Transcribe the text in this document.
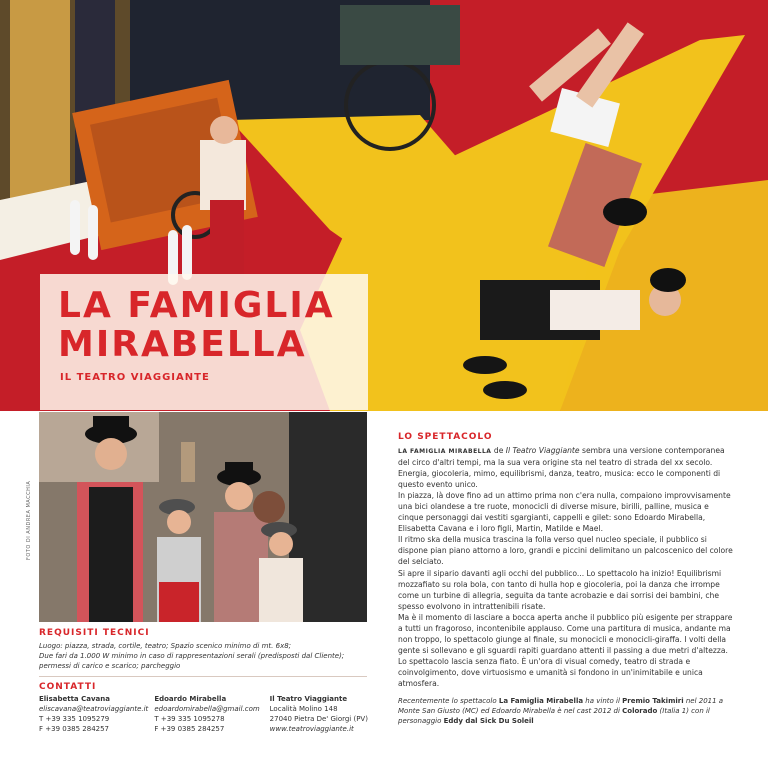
LA FAMIGLIA
MIRABELLA
IL TEATRO VIAGGIANTE
FOTO DI ANDREA MACCHIA
REQUISITI TECNICI

Luogo: piazza, strada, cortile, teatro; Spazio scenico minimo di mt. 6x8;
Due fari da 1.000 W minimo in caso di rappresentazioni serali (predisposti dal Cliente);
permessi di carico e scarico; parcheggio

CONTATTI
Elisabetta Cavana
eliscavana@teatroviaggiante.it
T +39 335 1095279
F +39 0385 284257
Edoardo Mirabella
edoardomirabella@gmail.com
T +39 335 1095278
F +39 0385 284257
Il Teatro Viaggiante
Località Molino 148
27040 Pietra De' Giorgi (PV)
www.teatroviaggiante.it
LO SPETTACOLO

LA FAMIGLIA MIRABELLA de Il Teatro Viaggiante sembra una versione contemporanea del circo d'altri tempi, ma la sua vera origine sta nel teatro di strada del xx secolo. Energia, giocoleria, mimo, equilibrismi, danza, teatro, musica: ecco le componenti di questo evento unico.

In piazza, là dove fino ad un attimo prima non c'era nulla, compaiono improvvisamente una bici olandese a tre ruote, monocicli di diverse misure, birilli, palline, musica e cinque personaggi dai vestiti sgargianti, cappelli e gilet: sono Edoardo Mirabella, Elisabetta Cavana e i loro figli, Martin, Matilde e Mael.

Il ritmo ska della musica trascina la folla verso quel nucleo speciale, il pubblico si dispone pian piano attorno a loro, grandi e piccini delimitano un palcoscenico del colore del selciato.

Si apre il sipario davanti agli occhi del pubblico... Lo spettacolo ha inizio! Equilibrismi mozzafiato su rola bola, con tanto di hulla hop e giocoleria, poi la danza che irrompe come un turbine di allegria, seguita da tante acrobazie e dai sorrisi dei bambini, che spesso evolvono in intrattenibili risate.

Ma è il momento di lasciare a bocca aperta anche il pubblico più esigente per strappare a tutti un fragoroso, incontenibile applauso. Come una partitura di musica, andante ma non troppo, lo spettacolo giunge al finale, su monocicli e monocicli-giraffa. I volti della gente si sollevano e gli sguardi rapiti guardano attenti il passing a due metri d'altezza. Lo spettacolo lascia senza fiato. È un'ora di visual comedy, teatro di strada e coinvolgimento, dove virtuosismo e umanità si fondono in un'inimitabile e unica atmosfera.

Recentemente lo spettacolo La Famiglia Mirabella ha vinto il Premio Takimiri nel 2011 a Monte San Giusto (MC) ed Edoardo Mirabella è nel cast 2012 di Colorado (Italia 1) con il personaggio Eddy dal Sick Du Soleil
